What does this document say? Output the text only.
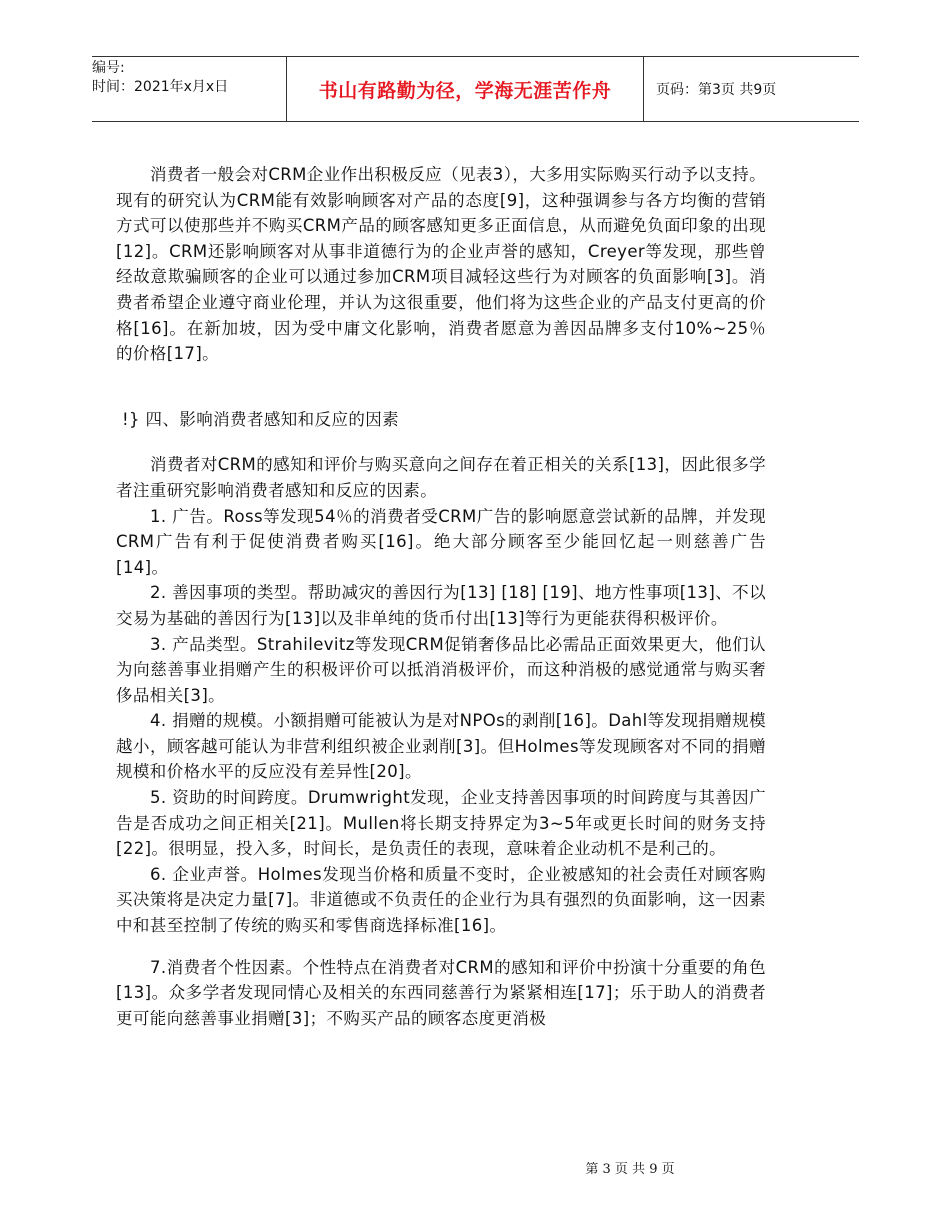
编号:
时间：2021年x月x日	书山有路勤为径，学海无涯苦作舟	页码：第3页 共9页

消费者一般会对CRM企业作出积极反应（见表3），大多用实际购买行动予以支持。现有的研究认为CRM能有效影响顾客对产品的态度[9]，这种强调参与各方均衡的营销方式可以使那些并不购买CRM产品的顾客感知更多正面信息，从而避免负面印象的出现[12]。CRM还影响顾客对从事非道德行为的企业声誉的感知，Creyer等发现，那些曾经故意欺骗顾客的企业可以通过参加CRM项目减轻这些行为对顾客的负面影响[3]。消费者希望企业遵守商业伦理，并认为这很重要，他们将为这些企业的产品支付更高的价格[16]。在新加坡，因为受中庸文化影响，消费者愿意为善因品牌多支付10%~25％的价格[17]。

!} 四、影响消费者感知和反应的因素

消费者对CRM的感知和评价与购买意向之间存在着正相关的关系[13]，因此很多学者注重研究影响消费者感知和反应的因素。

1. 广告。Ross等发现54％的消费者受CRM广告的影响愿意尝试新的品牌，并发现CRM广告有利于促使消费者购买[16]。绝大部分顾客至少能回忆起一则慈善广告[14]。

2. 善因事项的类型。帮助减灾的善因行为[13] [18] [19]、地方性事项[13]、不以交易为基础的善因行为[13]以及非单纯的货币付出[13]等行为更能获得积极评价。

3. 产品类型。Strahilevitz等发现CRM促销奢侈品比必需品正面效果更大，他们认为向慈善事业捐赠产生的积极评价可以抵消消极评价，而这种消极的感觉通常与购买奢侈品相关[3]。

4. 捐赠的规模。小额捐赠可能被认为是对NPOs的剥削[16]。Dahl等发现捐赠规模越小，顾客越可能认为非营利组织被企业剥削[3]。但Holmes等发现顾客对不同的捐赠规模和价格水平的反应没有差异性[20]。

5. 资助的时间跨度。Drumwright发现，企业支持善因事项的时间跨度与其善因广告是否成功之间正相关[21]。Mullen将长期支持界定为3~5年或更长时间的财务支持[22]。很明显，投入多，时间长，是负责任的表现，意味着企业动机不是利己的。

6. 企业声誉。Holmes发现当价格和质量不变时，企业被感知的社会责任对顾客购买决策将是决定力量[7]。非道德或不负责任的企业行为具有强烈的负面影响，这一因素中和甚至控制了传统的购买和零售商选择标准[16]。

7.消费者个性因素。个性特点在消费者对CRM的感知和评价中扮演十分重要的角色[13]。众多学者发现同情心及相关的东西同慈善行为紧紧相连[17]；乐于助人的消费者更可能向慈善事业捐赠[3]；不购买产品的顾客态度更消极

第 3 页 共 9 页
